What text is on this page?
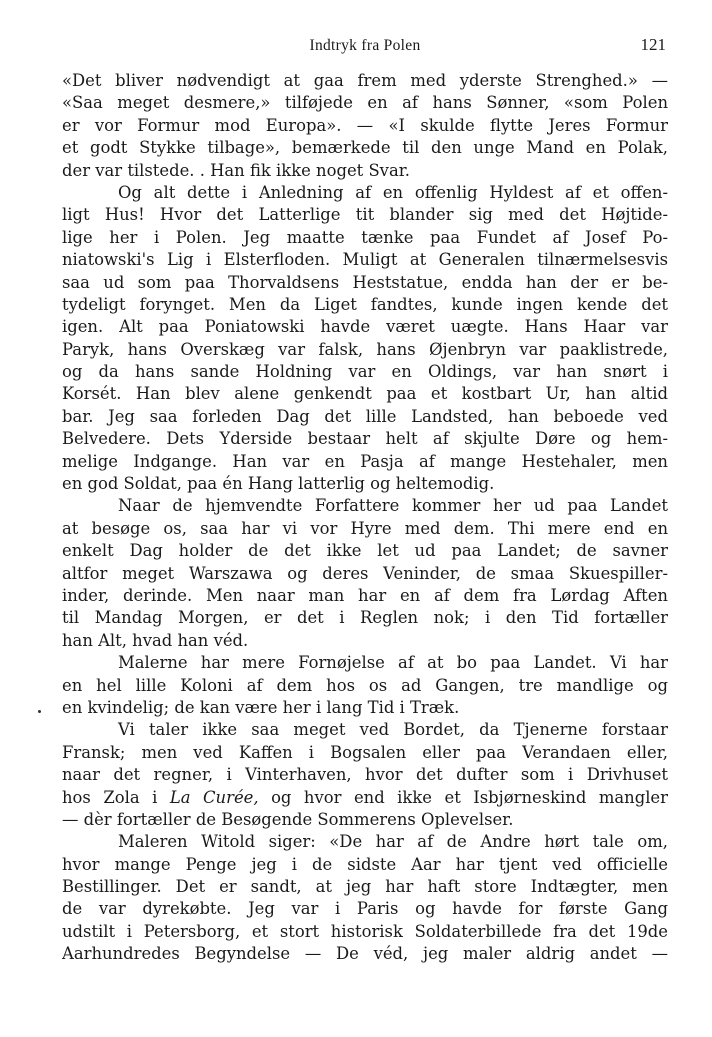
Indtryk fra Polen	121
«Det bliver nødvendigt at gaa frem med yderste Strenghed.» —
«Saa meget desmere,» tilføjede en af hans Sønner, «som Polen
er vor Formur mod Europa». — «I skulde flytte Jeres Formur
et godt Stykke tilbage», bemærkede til den unge Mand en Polak,
der var tilstede. . Han fik ikke noget Svar.
Og alt dette i Anledning af en offenlig Hyldest af et offen-
ligt Hus! Hvor det Latterlige tit blander sig med det Højtide-
lige her i Polen. Jeg maatte tænke paa Fundet af Josef Po-
niatowski's Lig i Elsterfloden. Muligt at Generalen tilnærmelsesvis
saa ud som paa Thorvaldsens Heststatue, endda han der er be-
tydeligt forynget. Men da Liget fandtes, kunde ingen kende det
igen. Alt paa Poniatowski havde været uægte. Hans Haar var
Paryk, hans Overskæg var falsk, hans Øjenbryn var paaklistrede,
og da hans sande Holdning var en Oldings, var han snørt i
Korsét. Han blev alene genkendt paa et kostbart Ur, han altid
bar. Jeg saa forleden Dag det lille Landsted, han beboede ved
Belvedere. Dets Yderside bestaar helt af skjulte Døre og hem-
melige Indgange. Han var en Pasja af mange Hestehaler, men
en god Soldat, paa én Hang latterlig og heltemodig.
Naar de hjemvendte Forfattere kommer her ud paa Landet
at besøge os, saa har vi vor Hyre med dem. Thi mere end en
enkelt Dag holder de det ikke let ud paa Landet; de savner
altfor meget Warszawa og deres Veninder, de smaa Skuespiller-
inder, derinde. Men naar man har en af dem fra Lørdag Aften
til Mandag Morgen, er det i Reglen nok; i den Tid fortæller
han Alt, hvad han véd.
Malerne har mere Fornøjelse af at bo paa Landet. Vi har
en hel lille Koloni af dem hos os ad Gangen, tre mandlige og
en kvindelig; de kan være her i lang Tid i Træk.
Vi taler ikke saa meget ved Bordet, da Tjenerne forstaar
Fransk; men ved Kaffen i Bogsalen eller paa Verandaen eller,
naar det regner, i Vinterhaven, hvor det dufter som i Drivhuset
hos Zola i La Curée, og hvor end ikke et Isbjørneskind mangler
— dèr fortæller de Besøgende Sommerens Oplevelser.
Maleren Witold siger: «De har af de Andre hørt tale om,
hvor mange Penge jeg i de sidste Aar har tjent ved officielle
Bestillinger. Det er sandt, at jeg har haft store Indtægter, men
de var dyrekøbte. Jeg var i Paris og havde for første Gang
udstilt i Petersborg, et stort historisk Soldaterbillede fra det 19de
Aarhundredes Begyndelse — De véd, jeg maler aldrig andet —
